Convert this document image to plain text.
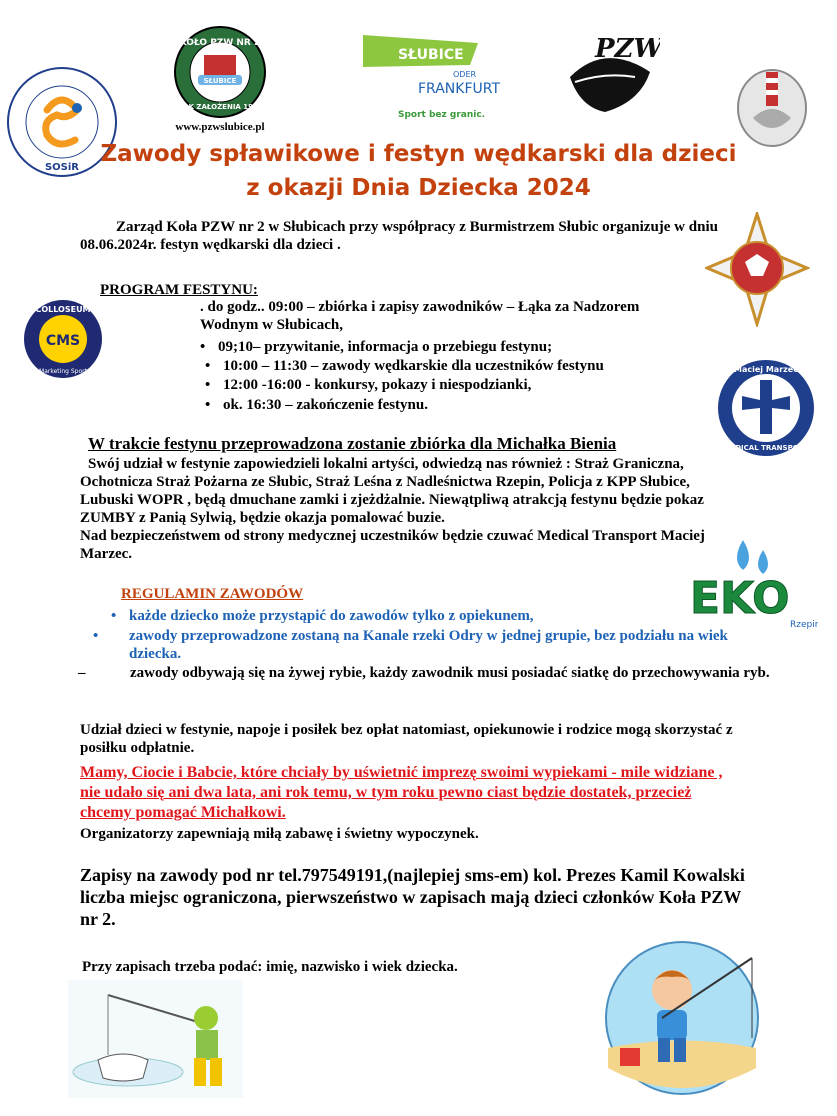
SOSiR
KOŁO PZW NR 2
SŁUBICE
ROK ZAŁOŻENIA 1973
www.pzwslubice.pl
SŁUBICE
ODER
FRANKFURT
Sport bez granic.
PZW
CMS
COLLOSEUM
Marketing Sport	Maciej Marzec
MEDICAL TRANSPORT
EKO
Rzepin
Zawody spławikowe i festyn wędkarski dla dzieci
z okazji Dnia Dziecka 2024
Zarząd Koła PZW nr 2 w Słubicach przy współpracy z Burmistrzem Słubic organizuje w dniu 08.06.2024r. festyn wędkarski dla dzieci .
PROGRAM FESTYNU:
. do godz.. 09:00 – zbiórka i zapisy zawodników – Łąka za Nadzorem Wodnym w Słubicach,
• 09;10– przywitanie, informacja o przebiegu festynu;
• 10:00 – 11:30 – zawody wędkarskie dla uczestników festynu
• 12:00 -16:00 - konkursy, pokazy i niespodzianki,
• ok. 16:30 – zakończenie festynu.
W trakcie festynu przeprowadzona zostanie zbiórka dla Michałka Bienia
Swój udział w festynie zapowiedzieli lokalni artyści, odwiedzą nas również : Straż Graniczna, Ochotnicza Straż Pożarna ze Słubic, Straż Leśna z Nadleśnictwa Rzepin, Policja z KPP Słubice, Lubuski WOPR , będą dmuchane zamki i zjeżdżalnie. Niewątpliwą atrakcją festynu będzie pokaz ZUMBY z Panią Sylwią, będzie okazja pomalować buzie.
Nad bezpieczeństwem od strony medycznej uczestników będzie czuwać Medical Transport Maciej Marzec.
REGULAMIN ZAWODÓW
• każde dziecko może przystąpić do zawodów tylko z opiekunem,
• zawody przeprowadzone zostaną na Kanale rzeki Odry w jednej grupie, bez podziału na wiek dziecka.
–	zawody odbywają się na żywej rybie, każdy zawodnik musi posiadać siatkę do przechowywania ryb.
Udział dzieci w festynie, napoje i posiłek bez opłat natomiast, opiekunowie i rodzice mogą skorzystać z posiłku odpłatnie.
Mamy, Ciocie i Babcie, które chciały by uświetnić imprezę swoimi wypiekami - mile widziane , nie udało się ani dwa lata, ani rok temu, w tym roku pewno ciast będzie dostatek, przecież chcemy pomagać Michałkowi.
Organizatorzy zapewniają miłą zabawę i świetny wypoczynek.
Zapisy na zawody pod nr tel.797549191,(najlepiej sms-em) kol. Prezes Kamil Kowalski
liczba miejsc ograniczona, pierwszeństwo w zapisach mają dzieci członków Koła PZW nr 2.
Przy zapisach trzeba podać: imię, nazwisko i wiek dziecka.
